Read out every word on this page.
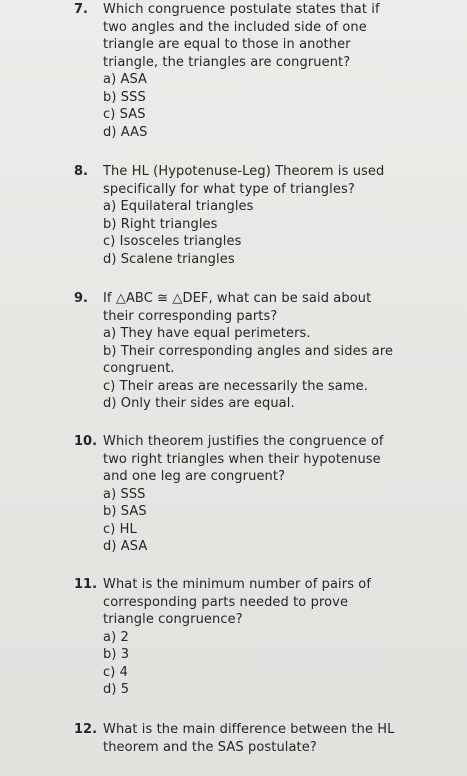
7. Which congruence postulate states that if
two angles and the included side of one
triangle are equal to those in another
triangle, the triangles are congruent?
a) ASA
b) SSS
c) SAS
d) AAS
8. The HL (Hypotenuse-Leg) Theorem is used
specifically for what type of triangles?
a) Equilateral triangles
b) Right triangles
c) Isosceles triangles
d) Scalene triangles
9. If △ABC ≅ △DEF, what can be said about
their corresponding parts?
a) They have equal perimeters.
b) Their corresponding angles and sides are
congruent.
c) Their areas are necessarily the same.
d) Only their sides are equal.
10. Which theorem justifies the congruence of
two right triangles when their hypotenuse
and one leg are congruent?
a) SSS
b) SAS
c) HL
d) ASA
11. What is the minimum number of pairs of
corresponding parts needed to prove
triangle congruence?
a) 2
b) 3
c) 4
d) 5
12. What is the main difference between the HL
theorem and the SAS postulate?
